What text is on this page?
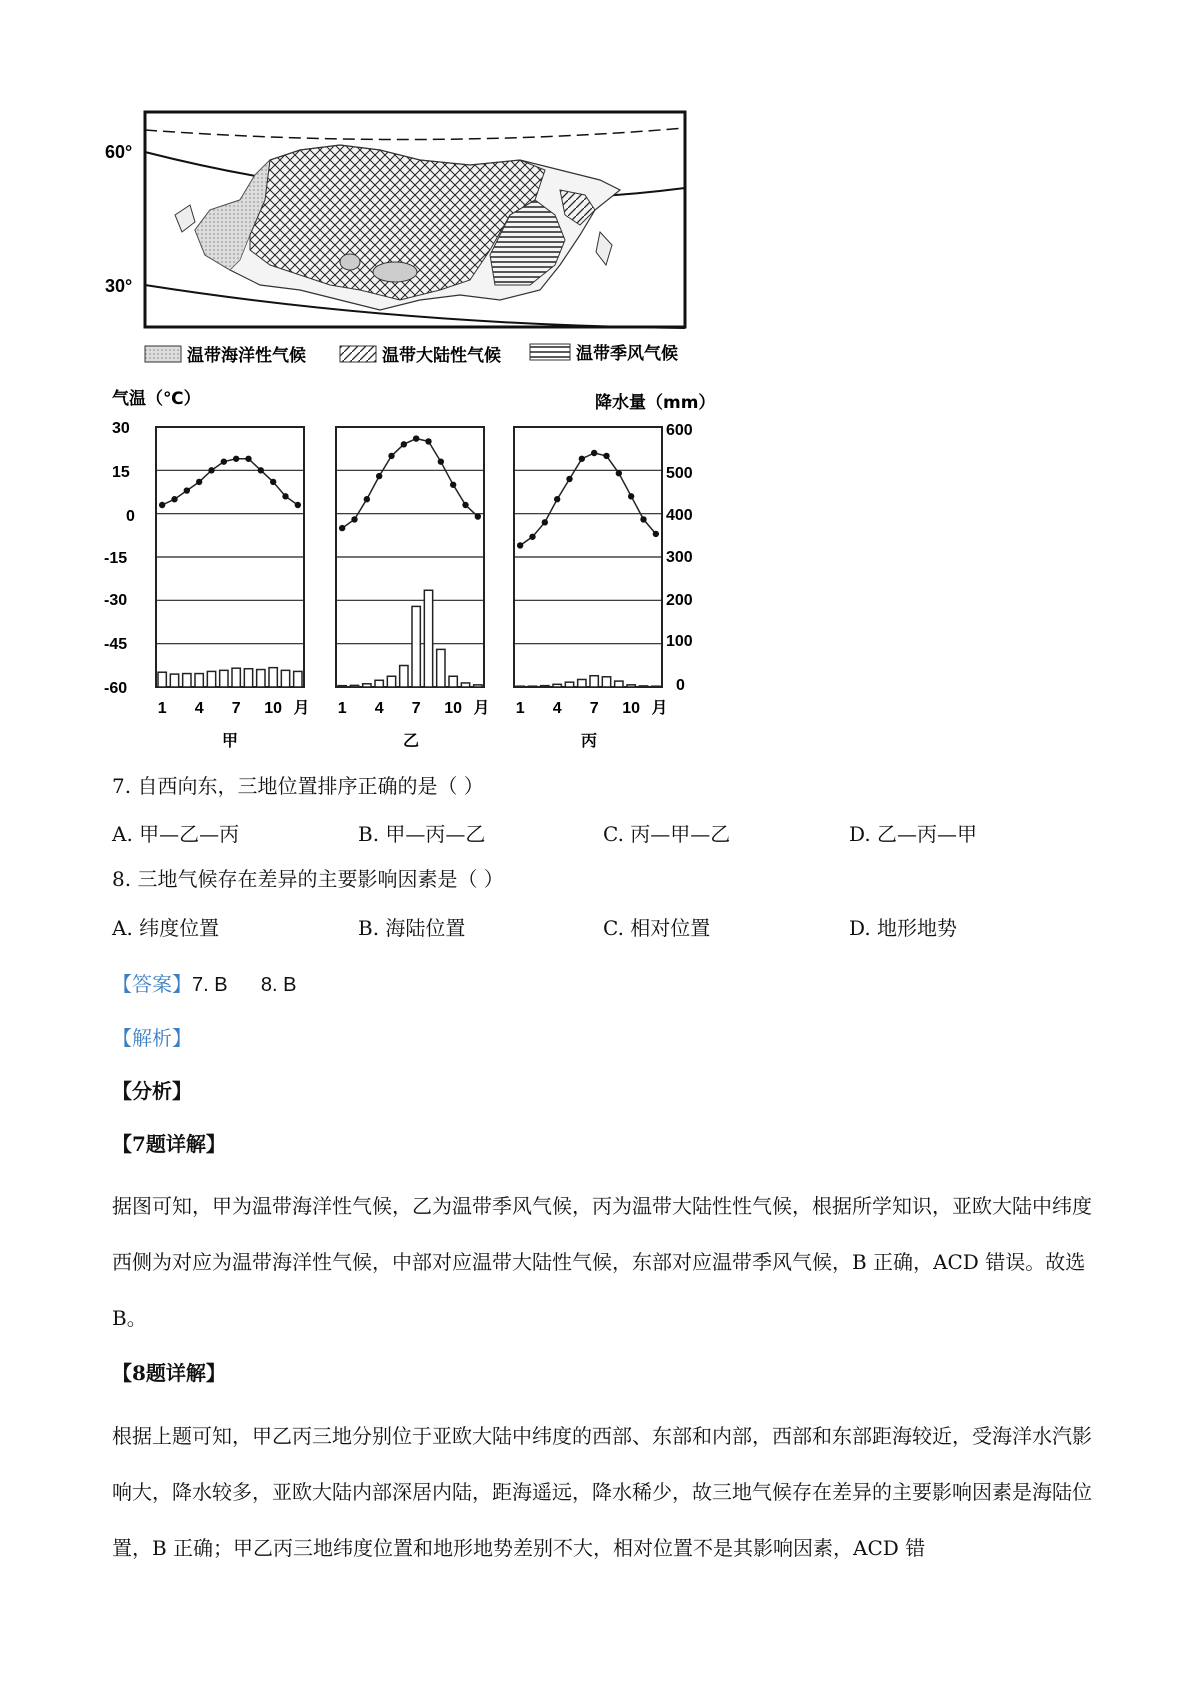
60°
30°
温带海洋性气候	温带大陆性气候	温带季风气候
气温（℃）	降水量（mm）
30
15
0
-15
-30
-45
-60
600
500
400
300
200
100
0
1 4 7 10 月
甲
1 4 7 10 月
乙
1 4 7 10 月
丙
7. 自西向东，三地位置排序正确的是（ ）
A. 甲—乙—丙	B. 甲—丙—乙	C. 丙—甲—乙	D. 乙—丙—甲
8. 三地气候存在差异的主要影响因素是（ ）
A. 纬度位置	B. 海陆位置	C. 相对位置	D. 地形地势
【答案】7. B      8. B
【解析】
【分析】
【7题详解】
据图可知，甲为温带海洋性气候，乙为温带季风气候，丙为温带大陆性性气候，根据所学知识，亚欧大陆中纬度西侧为对应为温带海洋性气候，中部对应温带大陆性气候，东部对应温带季风气候，B 正确，ACD 错误。故选 B。
【8题详解】
根据上题可知，甲乙丙三地分别位于亚欧大陆中纬度的西部、东部和内部，西部和东部距海较近，受海洋水汽影响大，降水较多，亚欧大陆内部深居内陆，距海遥远，降水稀少，故三地气候存在差异的主要影响因素是海陆位置，B 正确；甲乙丙三地纬度位置和地形地势差别不大，相对位置不是其影响因素，ACD 错
